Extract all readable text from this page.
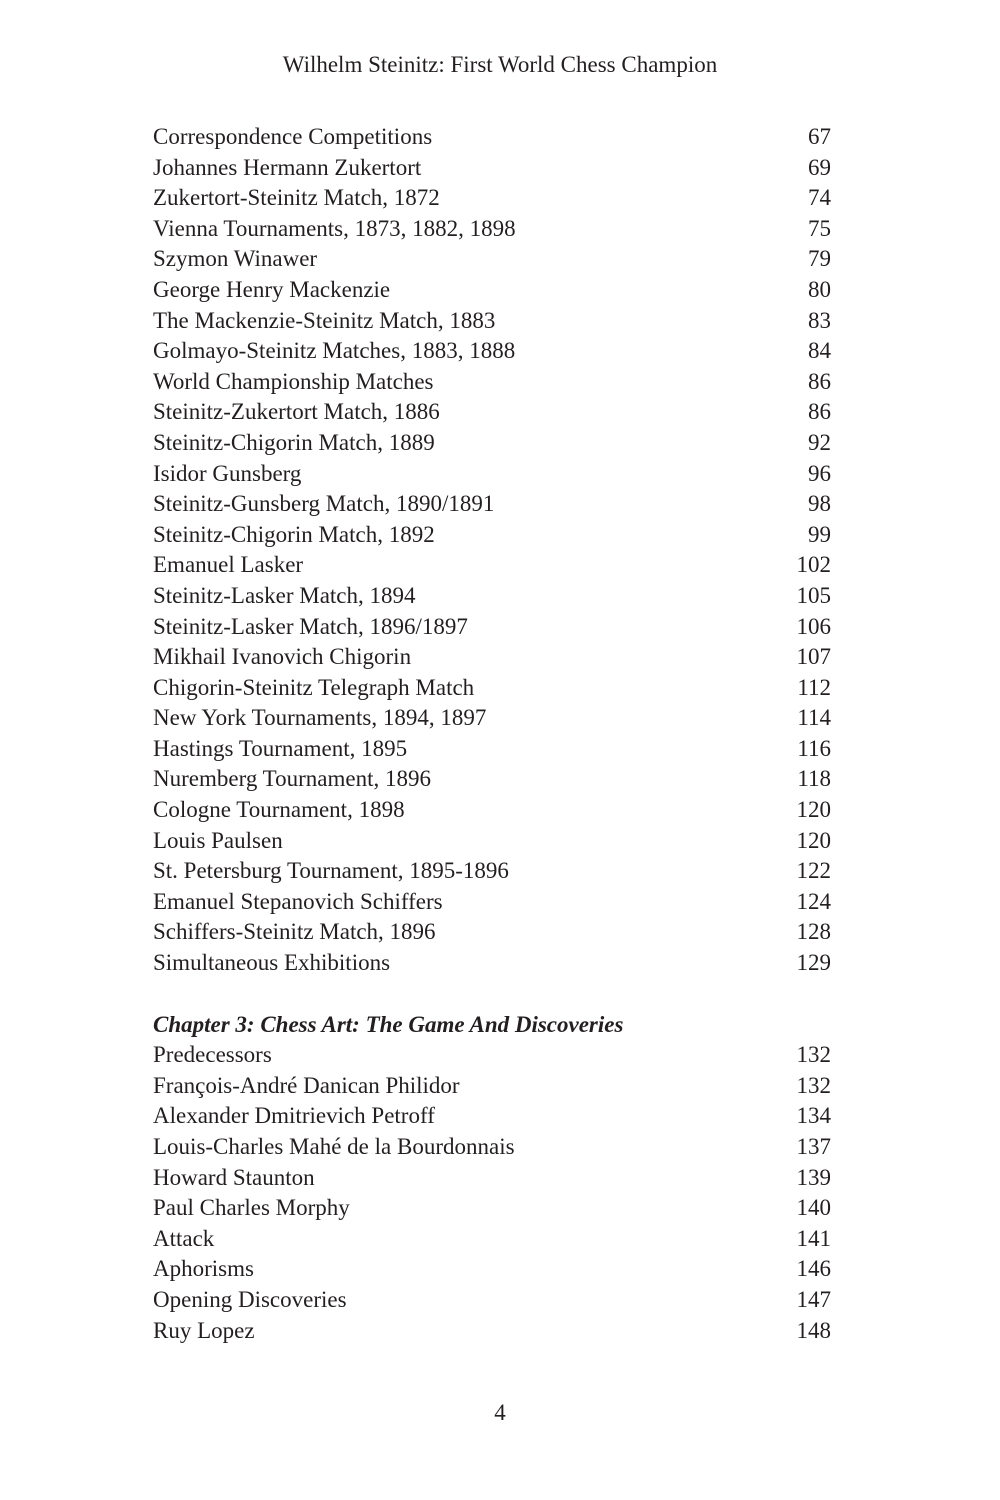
Wilhelm Steinitz: First World Chess Champion
Correspondence Competitions	67
Johannes Hermann Zukertort	69
Zukertort-Steinitz Match, 1872	74
Vienna Tournaments, 1873, 1882, 1898	75
Szymon Winawer	79
George Henry Mackenzie	80
The Mackenzie-Steinitz Match, 1883	83
Golmayo-Steinitz Matches, 1883, 1888	84
World Championship Matches	86
Steinitz-Zukertort Match, 1886	86
Steinitz-Chigorin Match, 1889	92
Isidor Gunsberg	96
Steinitz-Gunsberg Match, 1890/1891	98
Steinitz-Chigorin Match, 1892	99
Emanuel Lasker	102
Steinitz-Lasker Match, 1894	105
Steinitz-Lasker Match, 1896/1897	106
Mikhail Ivanovich Chigorin	107
Chigorin-Steinitz Telegraph Match	112
New York Tournaments, 1894, 1897	114
Hastings Tournament, 1895	116
Nuremberg Tournament, 1896	118
Cologne Tournament, 1898	120
Louis Paulsen	120
St. Petersburg Tournament, 1895-1896	122
Emanuel Stepanovich Schiffers	124
Schiffers-Steinitz Match, 1896	128
Simultaneous Exhibitions	129
Chapter 3: Chess Art: The Game And Discoveries
Predecessors	132
François-André Danican Philidor	132
Alexander Dmitrievich Petroff	134
Louis-Charles Mahé de la Bourdonnais	137
Howard Staunton	139
Paul Charles Morphy	140
Attack	141
Aphorisms	146
Opening Discoveries	147
Ruy Lopez	148
4
